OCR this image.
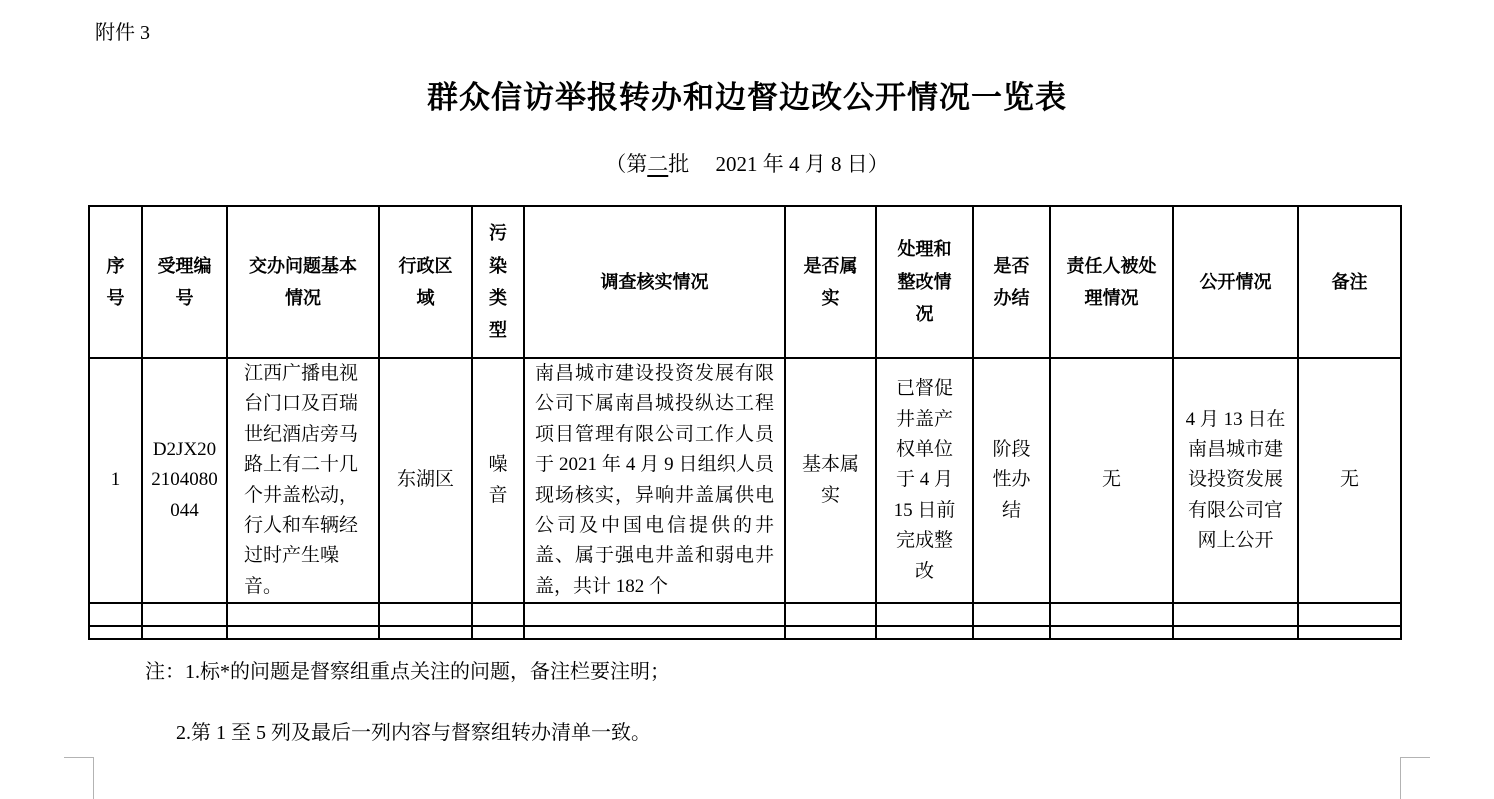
附件 3
群众信访举报转办和边督边改公开情况一览表
（第二批　 2021 年 4 月 8 日）
序号	受理编号	交办问题基本情况	行政区域	污染类型	调查核实情况	是否属实	处理和整改情况	是否办结	责任人被处理情况	公开情况	备注
1	D2JX202104080044	江西广播电视台门口及百瑞世纪酒店旁马路上有二十几个井盖松动，行人和车辆经过时产生噪音。	东湖区	噪音	南昌城市建设投资发展有限公司下属南昌城投纵达工程项目管理有限公司工作人员于 2021 年 4 月 9 日组织人员现场核实，异响井盖属供电公司及中国电信提供的井盖、属于强电井盖和弱电井盖，共计 182 个	基本属实	已督促井盖产权单位于 4 月 15 日前完成整改	阶段性办结	无	4 月 13 日在南昌城市建设投资发展有限公司官网上公开	无

注：1.标*的问题是督察组重点关注的问题，备注栏要注明；
2.第 1 至 5 列及最后一列内容与督察组转办清单一致。
